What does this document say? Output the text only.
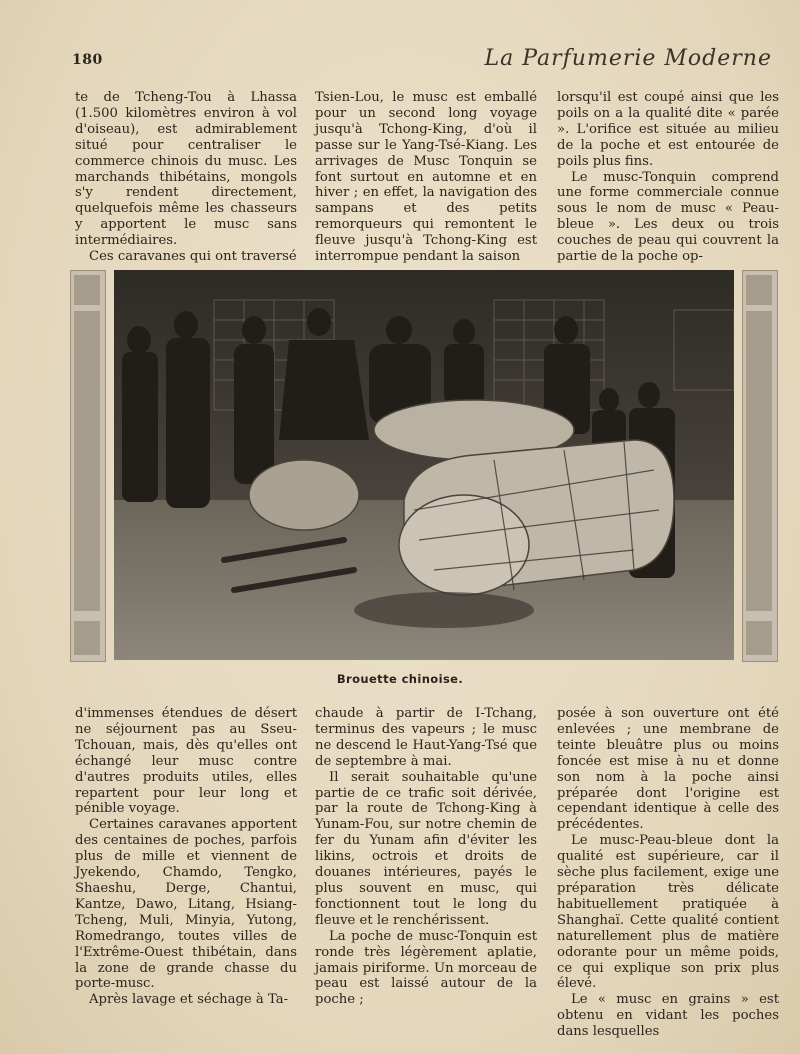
180	La Parfumerie Moderne

te de Tcheng-Tou à Lhassa (1.500 kilomètres environ à vol d'oiseau), est admirablement situé pour centraliser le commerce chinois du musc. Les marchands thibétains, mongols s'y rendent directement, quelquefois même les chasseurs y apportent le musc sans intermédiaires.

Ces caravanes qui ont traversé

Tsien-Lou, le musc est emballé pour un second long voyage jusqu'à Tchong-King, d'où il passe sur le Yang-Tsé-Kiang. Les arrivages de Musc Tonquin se font surtout en automne et en hiver ; en effet, la navigation des sampans et des petits remorqueurs qui remontent le fleuve jusqu'à Tchong-King est interrompue pendant la saison

lorsqu'il est coupé ainsi que les poils on a la qualité dite « parée ». L'orifice est située au milieu de la poche et est entourée de poils plus fins.

Le musc-Tonquin comprend une forme commerciale connue sous le nom de musc « Peau-bleue ». Les deux ou trois couches de peau qui couvrent la partie de la poche op-

Brouette chinoise.

d'immenses étendues de désert ne séjournent pas au Sseu-Tchouan, mais, dès qu'elles ont échangé leur musc contre d'autres produits utiles, elles repartent pour leur long et pénible voyage.

Certaines caravanes apportent des centaines de poches, parfois plus de mille et viennent de Jyekendo, Chamdo, Tengko, Shaeshu, Derge, Chantui, Kantze, Dawo, Litang, Hsiang-Tcheng, Muli, Minyia, Yutong, Romedrango, toutes villes de l'Extrême-Ouest thibétain, dans la zone de grande chasse du porte-musc.

Après lavage et séchage à Ta-

chaude à partir de I-Tchang, terminus des vapeurs ; le musc ne descend le Haut-Yang-Tsé que de septembre à mai.

Il serait souhaitable qu'une partie de ce trafic soit dérivée, par la route de Tchong-King à Yunam-Fou, sur notre chemin de fer du Yunam afin d'éviter les likins, octrois et droits de douanes intérieures, payés le plus souvent en musc, qui fonctionnent tout le long du fleuve et le renchérissent.

La poche de musc-Tonquin est ronde très légèrement aplatie, jamais piriforme. Un morceau de peau est laissé autour de la poche ;

posée à son ouverture ont été enlevées ; une membrane de teinte bleuâtre plus ou moins foncée est mise à nu et donne son nom à la poche ainsi préparée dont l'origine est cependant identique à celle des précédentes.

Le musc-Peau-bleue dont la qualité est supérieure, car il sèche plus facilement, exige une préparation très délicate habituellement pratiquée à Shanghaï. Cette qualité contient naturellement plus de matière odorante pour un même poids, ce qui explique son prix plus élevé.

Le « musc en grains » est obtenu en vidant les poches dans lesquelles
